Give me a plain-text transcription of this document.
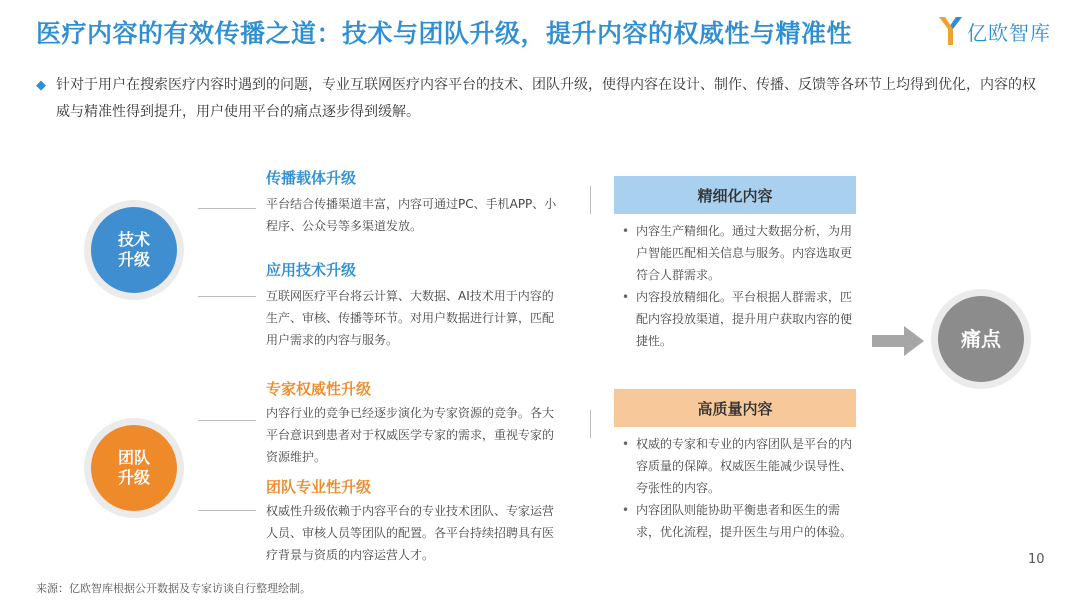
医疗内容的有效传播之道：技术与团队升级，提升内容的权威性与精准性	亿欧智库
◆ 针对于用户在搜索医疗内容时遇到的问题，专业互联网医疗内容平台的技术、团队升级，使得内容在设计、制作、传播、反馈等各环节上均得到优化，内容的权威与精准性得到提升，用户使用平台的痛点逐步得到缓解。
技术
升级
传播载体升级
平台结合传播渠道丰富，内容可通过PC、手机APP、小程序、公众号等多渠道发放。
应用技术升级
互联网医疗平台将云计算、大数据、AI技术用于内容的生产、审核、传播等环节。对用户数据进行计算，匹配用户需求的内容与服务。
团队
升级
专家权威性升级
内容行业的竞争已经逐步演化为专家资源的竞争。各大平台意识到患者对于权威医学专家的需求，重视专家的资源维护。
团队专业性升级
权威性升级依赖于内容平台的专业技术团队、专家运营人员、审核人员等团队的配置。各平台持续招聘具有医疗背景与资质的内容运营人才。
精细化内容
• 内容生产精细化。通过大数据分析，为用户智能匹配相关信息与服务。内容选取更符合人群需求。
• 内容投放精细化。平台根据人群需求，匹配内容投放渠道，提升用户获取内容的便捷性。
高质量内容
• 权威的专家和专业的内容团队是平台的内容质量的保障。权威医生能减少误导性、夸张性的内容。
• 内容团队则能协助平衡患者和医生的需求，优化流程，提升医生与用户的体验。
痛点
10
来源：亿欧智库根据公开数据及专家访谈自行整理绘制。
